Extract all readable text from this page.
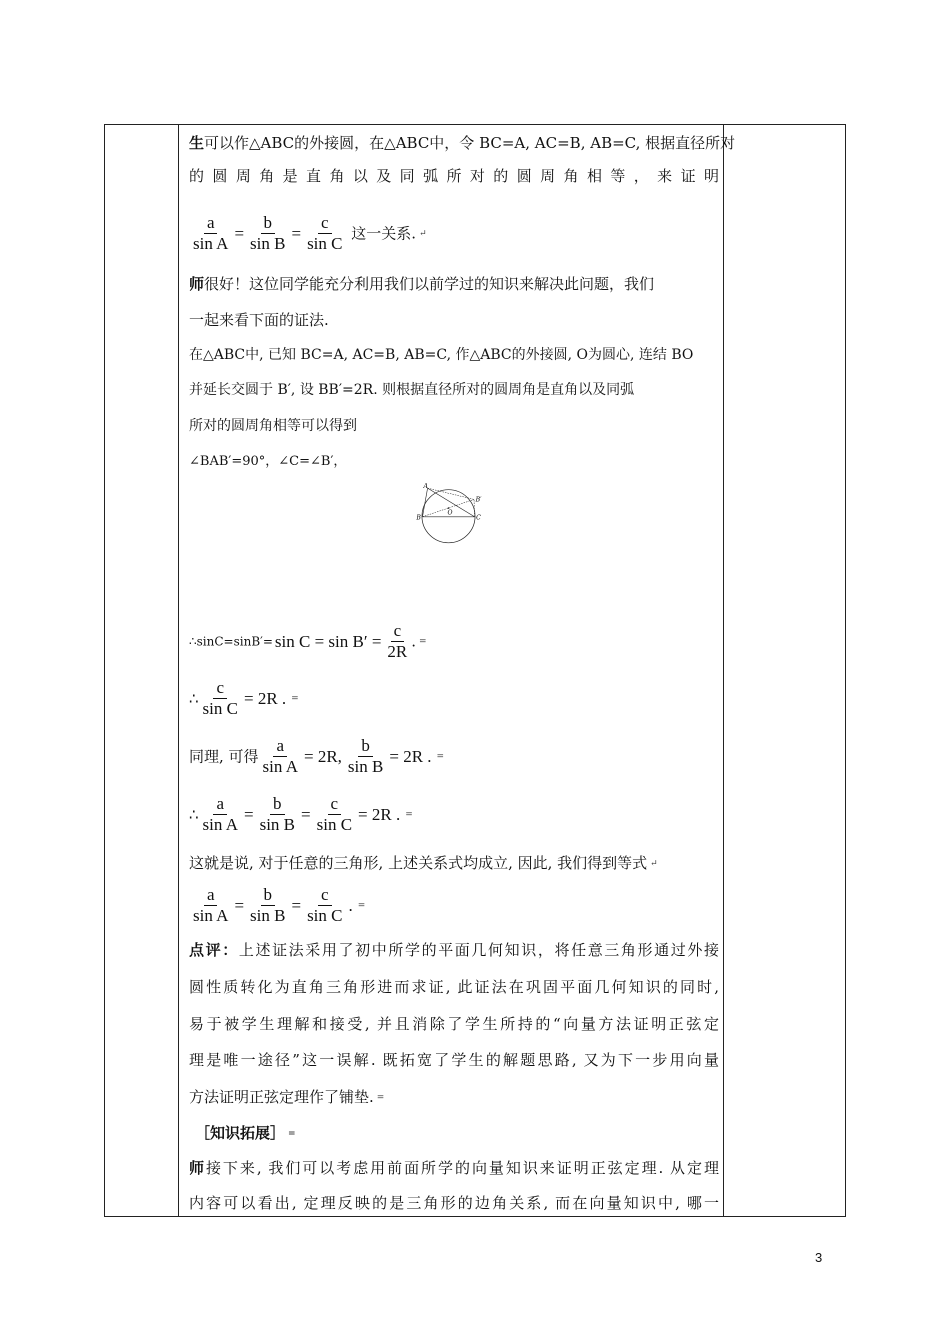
生可以作△ABC的外接圆，在△ABC中，令 BC=A, AC=B, AB=C, 根据直径所对
的圆周角是直角以及同弧所对的圆周角相等，来证明
$\frac{a}{\text{sin A}} = \frac{b}{\text{sin B}} = \frac{c}{\text{sin C}}$ 这一关系. ↵
师很好！这位同学能充分利用我们以前学过的知识来解决此问题，我们
一起来看下面的证法.
在△ABC中, 已知 BC=A, AC=B, AB=C, 作△ABC的外接圆, O为圆心, 连结 BO
并延长交圆于 B′, 设 BB′=2R. 则根据直径所对的圆周角是直角以及同弧
所对的圆周角相等可以得到
∠BAB′=90°，∠C=∠B′，
∴sinC=sinB′= $\sin C = \sin B' = \frac{c}{2R}$ . =
∴ $\frac{c}{\text{sin C}} = 2R$ . =
同理, 可得 $\frac{a}{\text{sin A}} = 2R$, $\frac{b}{\text{sin B}} = 2R$ . =
∴ $\frac{a}{\text{sin A}} = \frac{b}{\text{sin B}} = \frac{c}{\text{sin C}} = 2R$ . =
这就是说, 对于任意的三角形, 上述关系式均成立, 因此, 我们得到等式 ↵
$\frac{a}{\text{sin A}} = \frac{b}{\text{sin B}} = \frac{c}{\text{sin C}}$ . =
点评：上述证法采用了初中所学的平面几何知识，将任意三角形通过外接
圆性质转化为直角三角形进而求证, 此证法在巩固平面几何知识的同时,
易于被学生理解和接受, 并且消除了学生所持的“向量方法证明正弦定
理是唯一途径”这一误解. 既拓宽了学生的解题思路, 又为下一步用向量
方法证明正弦定理作了铺垫. =
［知识拓展］ =
师接下来, 我们可以考虑用前面所学的向量知识来证明正弦定理. 从定理
内容可以看出, 定理反映的是三角形的边角关系, 而在向量知识中, 哪一
A
B	C
O
B′
3
